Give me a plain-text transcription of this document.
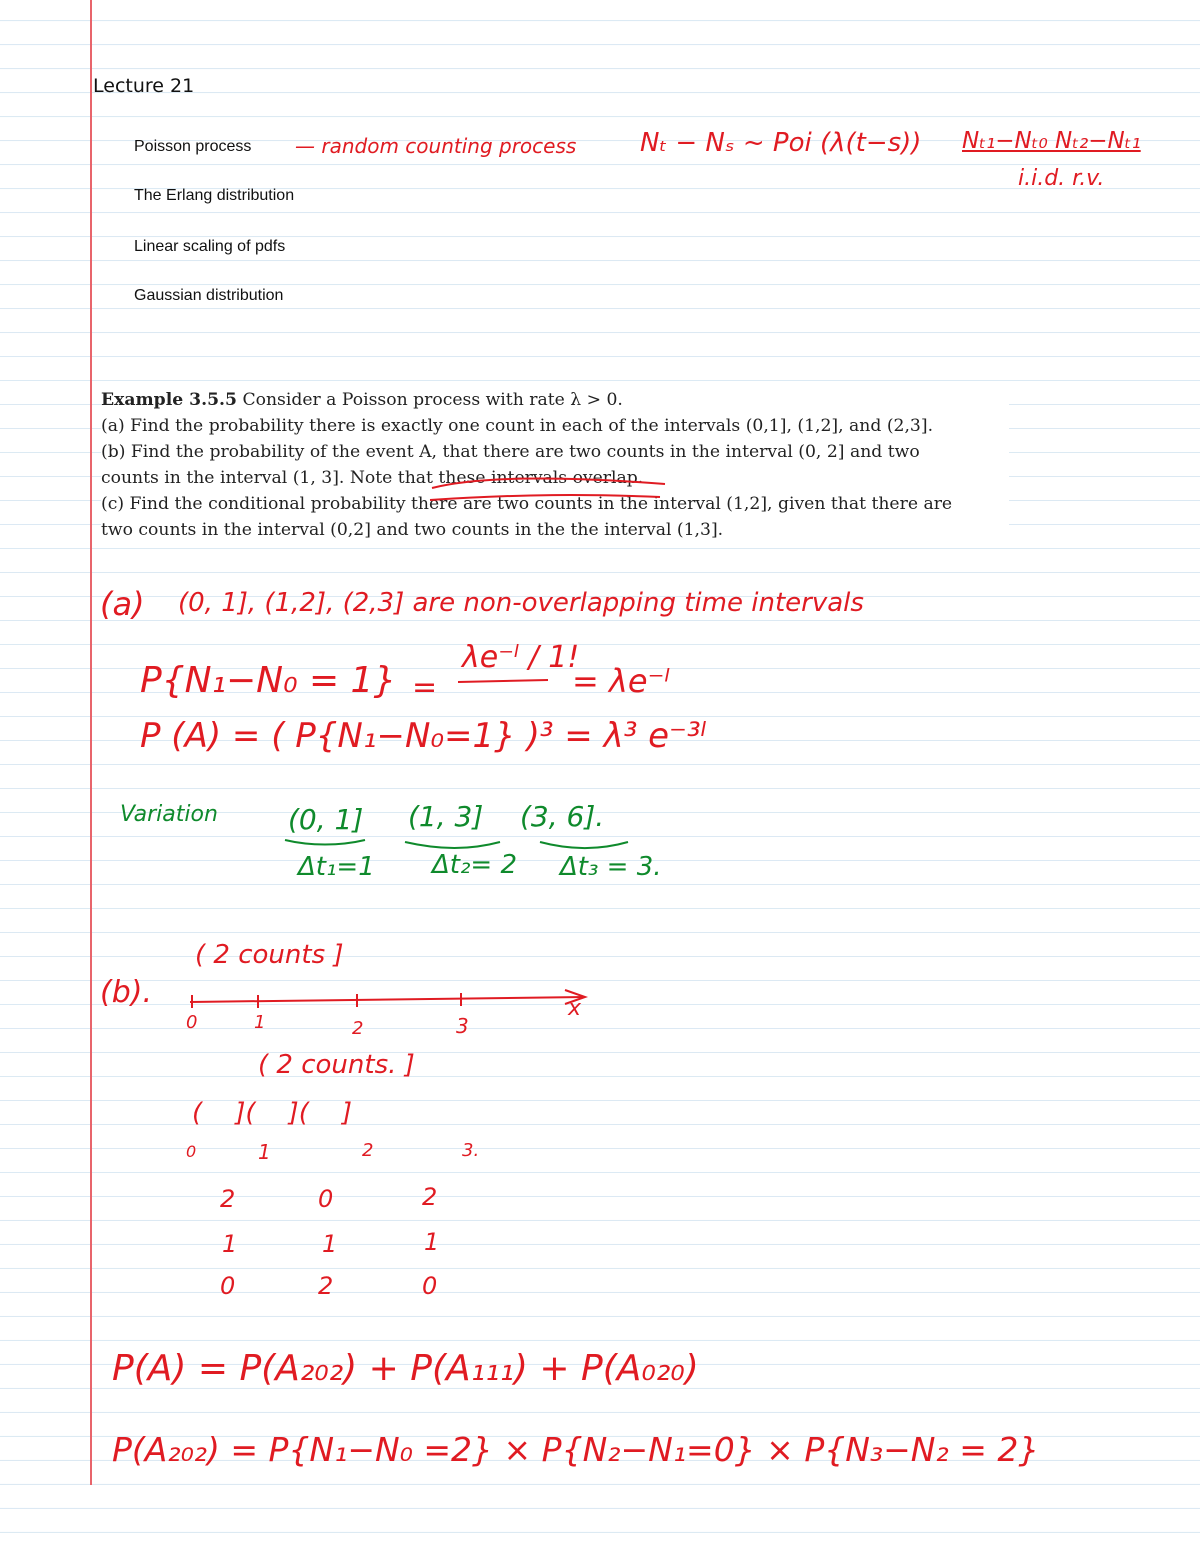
Lecture 21
Poisson process
The Erlang distribution
Linear scaling of pdfs
Gaussian distribution
— random counting process Nₜ − Nₛ ~ Poi (λ(t−s)) Nₜ₁−Nₜ₀ Nₜ₂−Nₜ₁
i.i.d. r.v.
Example 3.5.5 Consider a Poisson process with rate λ > 0.
(a) Find the probability there is exactly one count in each of the intervals (0,1], (1,2], and (2,3].
(b) Find the probability of the event A, that there are two counts in the interval (0, 2] and two
counts in the interval (1, 3]. Note that these intervals overlap.
(c) Find the conditional probability there are two counts in the interval (1,2], given that there are
two counts in the interval (0,2] and two counts in the the interval (1,3].
(a) (0, 1], (1,2], (2,3] are non-overlapping time intervals
P{N₁−N₀ = 1} =
λe⁻ˡ / 1!
= λe⁻ˡ
P (A) = ( P{N₁−N₀=1} )³ = λ³ e⁻³ˡ
Variation	(0, 1] (1, 3] (3, 6].
Δt₁=1 Δt₂= 2 Δt₃ = 3.
( 2 counts ]
(b).	x
0	1	2	3
( 2 counts. ]
(    ](    ](    ]
0	1	2	3.
2	0	2
1	1	1
0	2	0
P(A) = P(A₂₀₂) + P(A₁₁₁) + P(A₀₂₀)
P(A₂₀₂) = P{N₁−N₀ =2} × P{N₂−N₁=0} × P{N₃−N₂ = 2}
